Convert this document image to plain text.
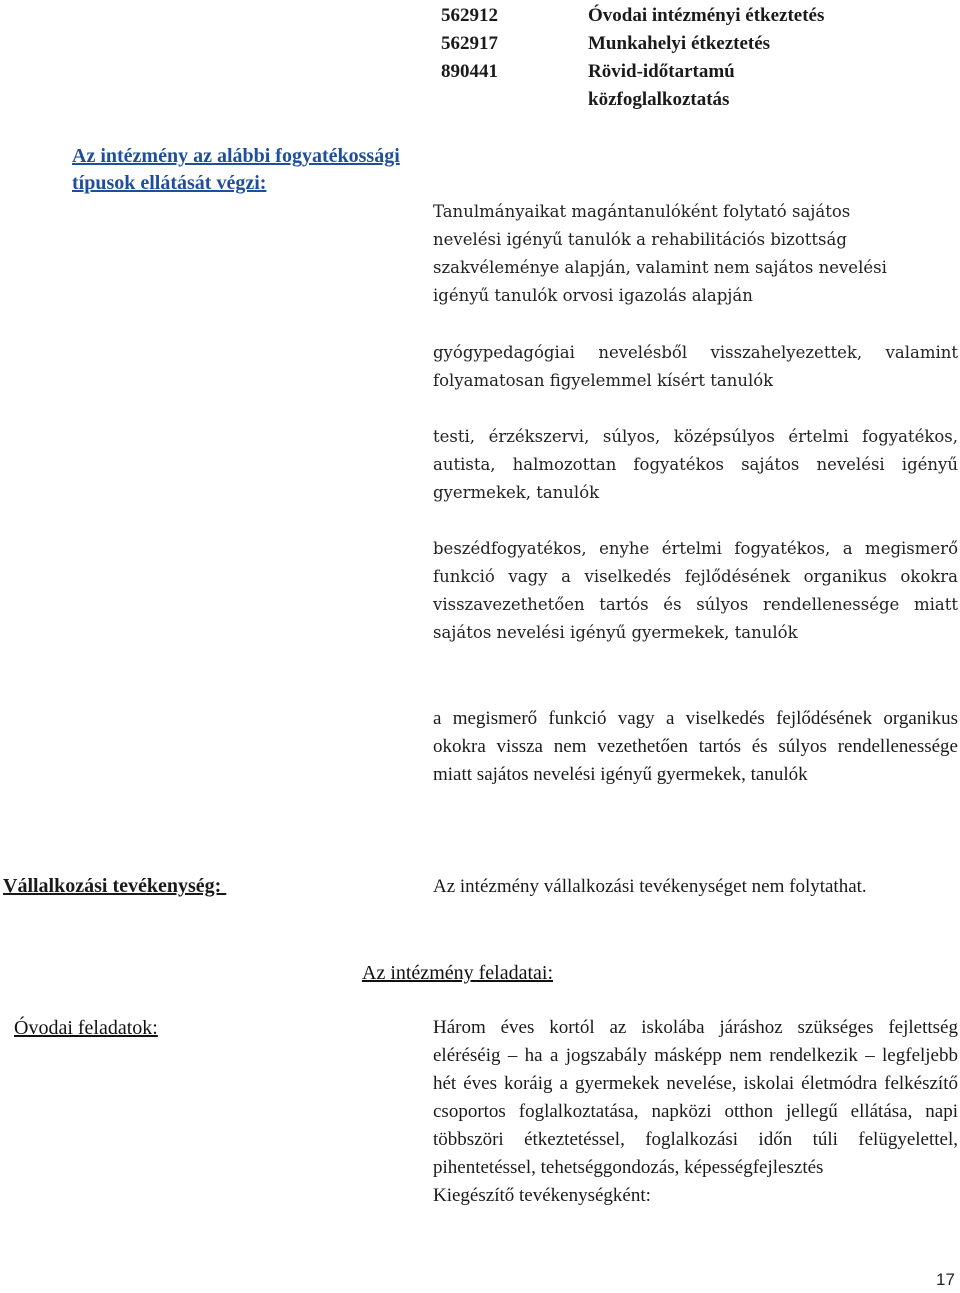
562912	Óvodai intézményi étkeztetés
562917	Munkahelyi étkeztetés
890441	Rövid-időtartamú közfoglalkoztatás
Az intézmény az alábbi fogyatékossági típusok ellátását végzi:

Tanulmányaikat magántanulóként folytató sajátos nevelési igényű tanulók a rehabilitációs bizottság szakvéleménye alapján, valamint nem sajátos nevelési igényű tanulók orvosi igazolás alapján

gyógypedagógiai nevelésből visszahelyezettek, valamint folyamatosan figyelemmel kísért tanulók

testi, érzékszervi, súlyos, középsúlyos értelmi fogyatékos, autista, halmozottan fogyatékos sajátos nevelési igényű gyermekek, tanulók

beszédfogyatékos, enyhe értelmi fogyatékos, a megismerő funkció vagy a viselkedés fejlődésének organikus okokra visszavezethetően tartós és súlyos rendellenessége miatt sajátos nevelési igényű gyermekek, tanulók

a megismerő funkció vagy a viselkedés fejlődésének organikus okokra vissza nem vezethetően tartós és súlyos rendellenessége miatt sajátos nevelési igényű gyermekek, tanulók

Vállalkozási tevékenység:	Az intézmény vállalkozási tevékenységet nem folytathat.
Az intézmény feladatai:
Óvodai feladatok:	Három éves kortól az iskolába járáshoz szükséges fejlettség eléréséig – ha a jogszabály másképp nem rendelkezik – legfeljebb hét éves koráig a gyermekek nevelése, iskolai életmódra felkészítő csoportos foglalkoztatása, napközi otthon jellegű ellátása, napi többszöri étkeztetéssel, foglalkozási időn túli felügyelettel, pihentetéssel, tehetséggondozás, képességfejlesztés

Kiegészítő tevékenységként:

17
